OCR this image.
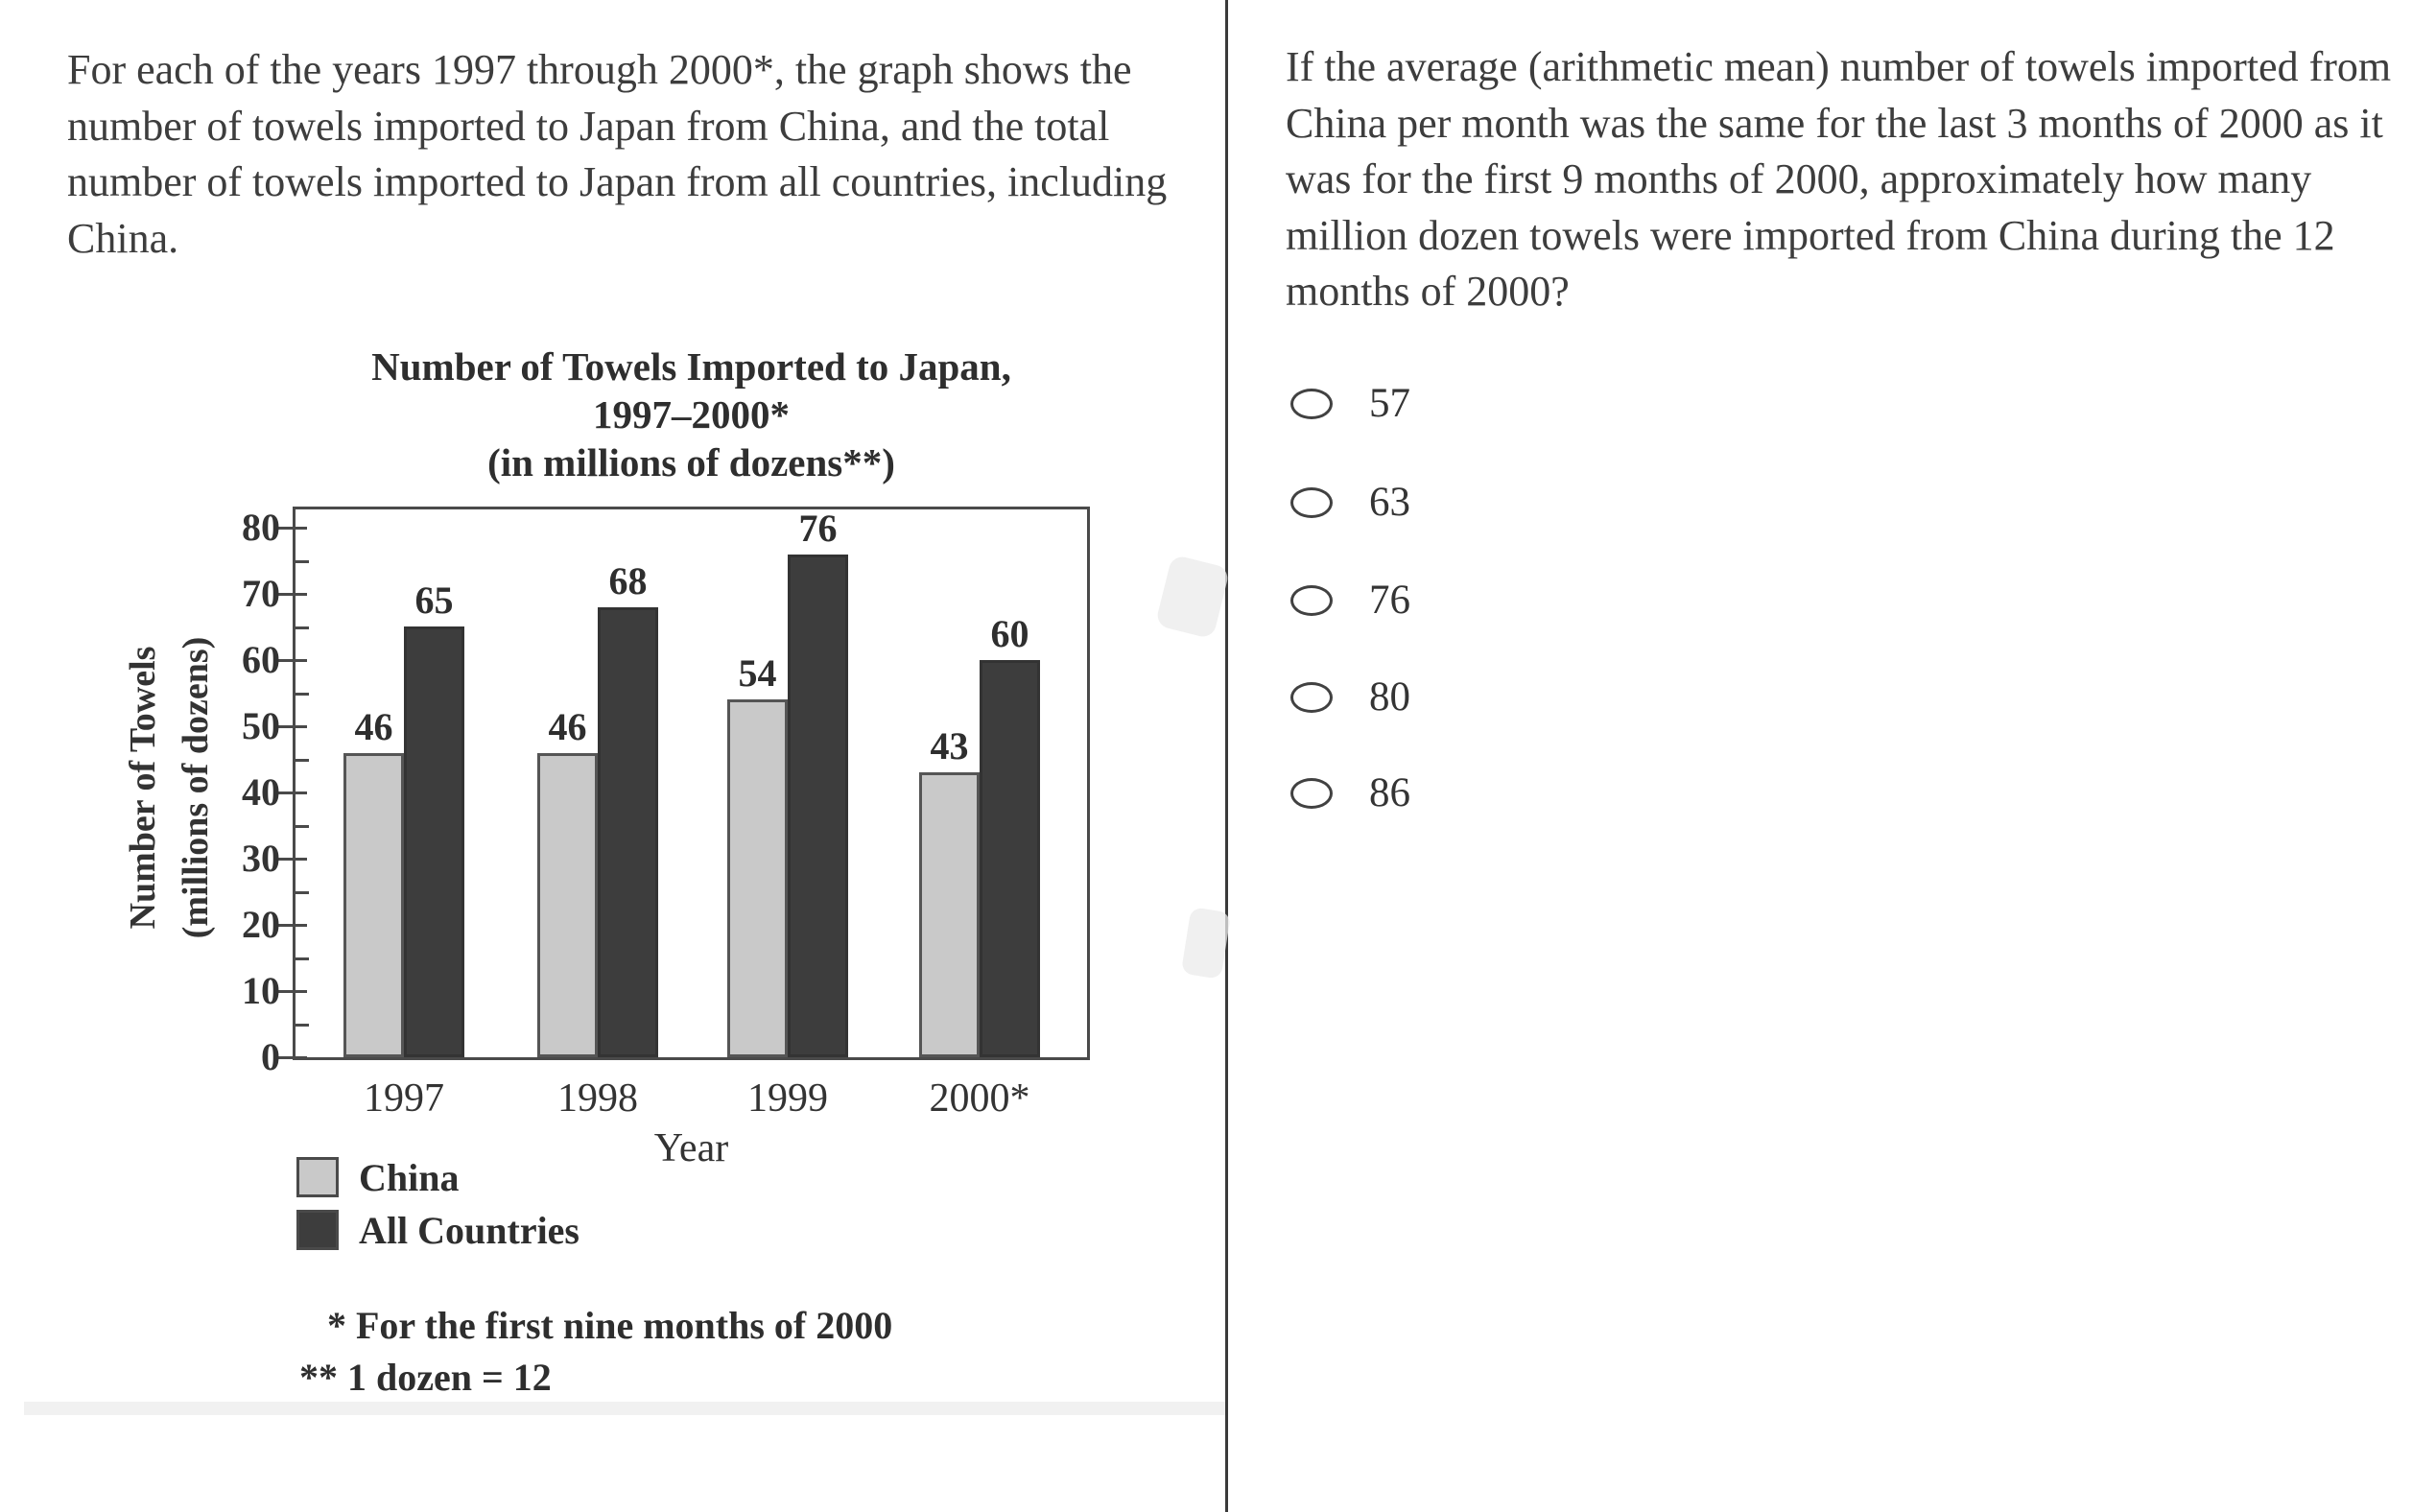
For each of the years 1997 through 2000*, the graph shows the
number of towels imported to Japan from China, and the total
number of towels imported to Japan from all countries, including
China.
Number of Towels Imported to Japan,
1997–2000*
(in millions of dozens**)
Number of Towels (millions of dozens)
0
10
20
30
40
50
60
70
80
46
65
1997
46
68
1998
54
76
1999
43
60
2000*
Year
China
All Countries
* For the first nine months of 2000
** 1 dozen = 12
If the average (arithmetic mean) number of towels imported from
China per month was the same for the last 3 months of 2000 as it
was for the first 9 months of 2000, approximately how many
million dozen towels were imported from China during the 12
months of 2000?
57
63
76
80
86
